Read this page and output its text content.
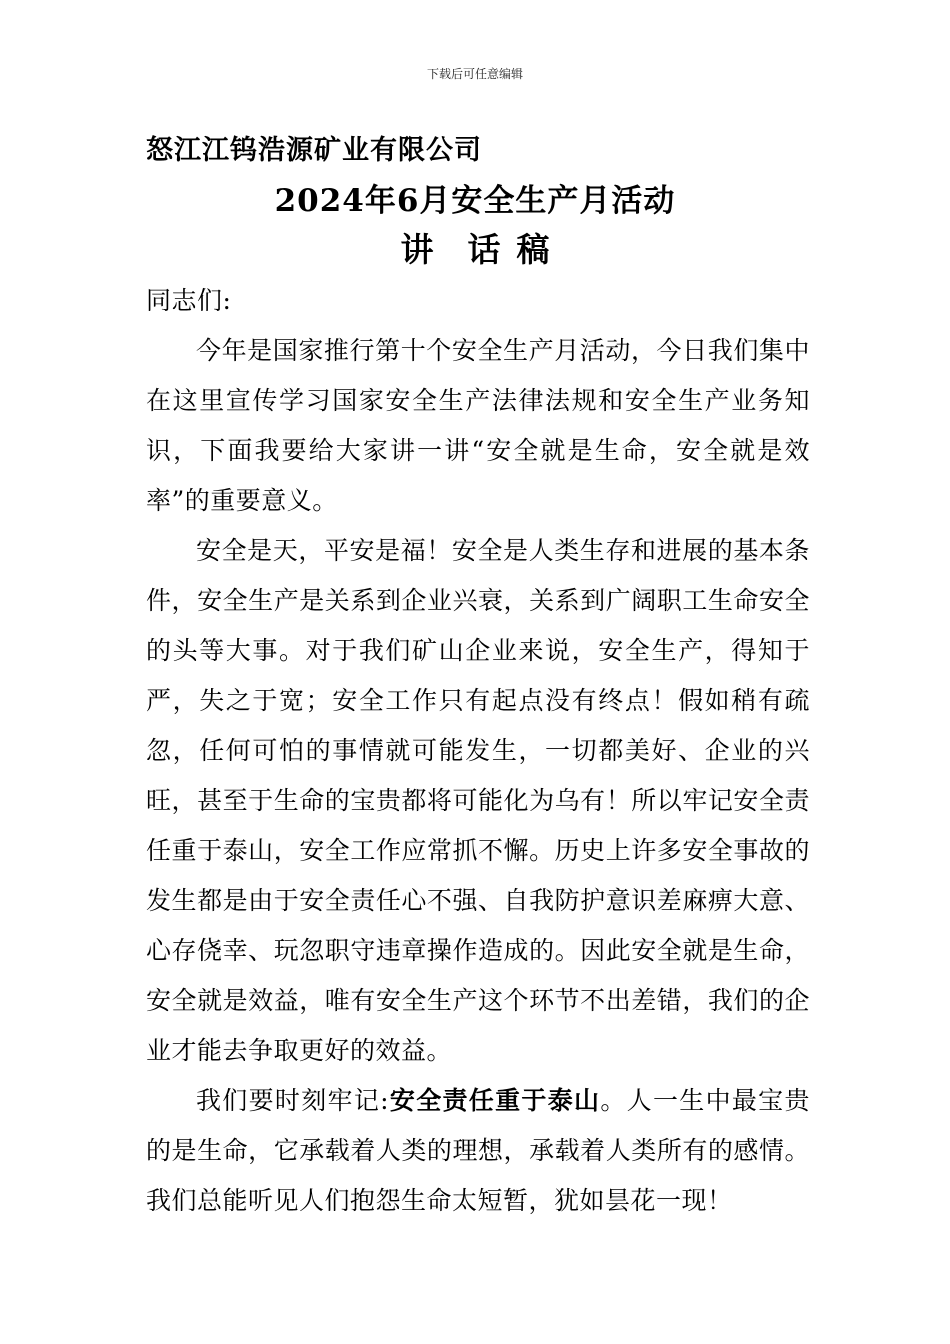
下载后可任意编辑
怒江江钨浩源矿业有限公司
2024年6月安全生产月活动
讲 话 稿
同志们:
今年是国家推行第十个安全生产月活动，今日我们集中在这里宣传学习国家安全生产法律法规和安全生产业务知识，下面我要给大家讲一讲“安全就是生命，安全就是效率”的重要意义。
安全是天，平安是福！安全是人类生存和进展的基本条件，安全生产是关系到企业兴衰，关系到广阔职工生命安全的头等大事。对于我们矿山企业来说，安全生产，得知于严，失之于宽；安全工作只有起点没有终点！假如稍有疏忽，任何可怕的事情就可能发生，一切都美好、企业的兴旺，甚至于生命的宝贵都将可能化为乌有！所以牢记安全责任重于泰山，安全工作应常抓不懈。历史上许多安全事故的发生都是由于安全责任心不强、自我防护意识差麻痹大意、心存侥幸、玩忽职守违章操作造成的。因此安全就是生命，安全就是效益，唯有安全生产这个环节不出差错，我们的企业才能去争取更好的效益。
我们要时刻牢记:安全责任重于泰山。人一生中最宝贵的是生命，它承载着人类的理想，承载着人类所有的感情。我们总能听见人们抱怨生命太短暂，犹如昙花一现！
